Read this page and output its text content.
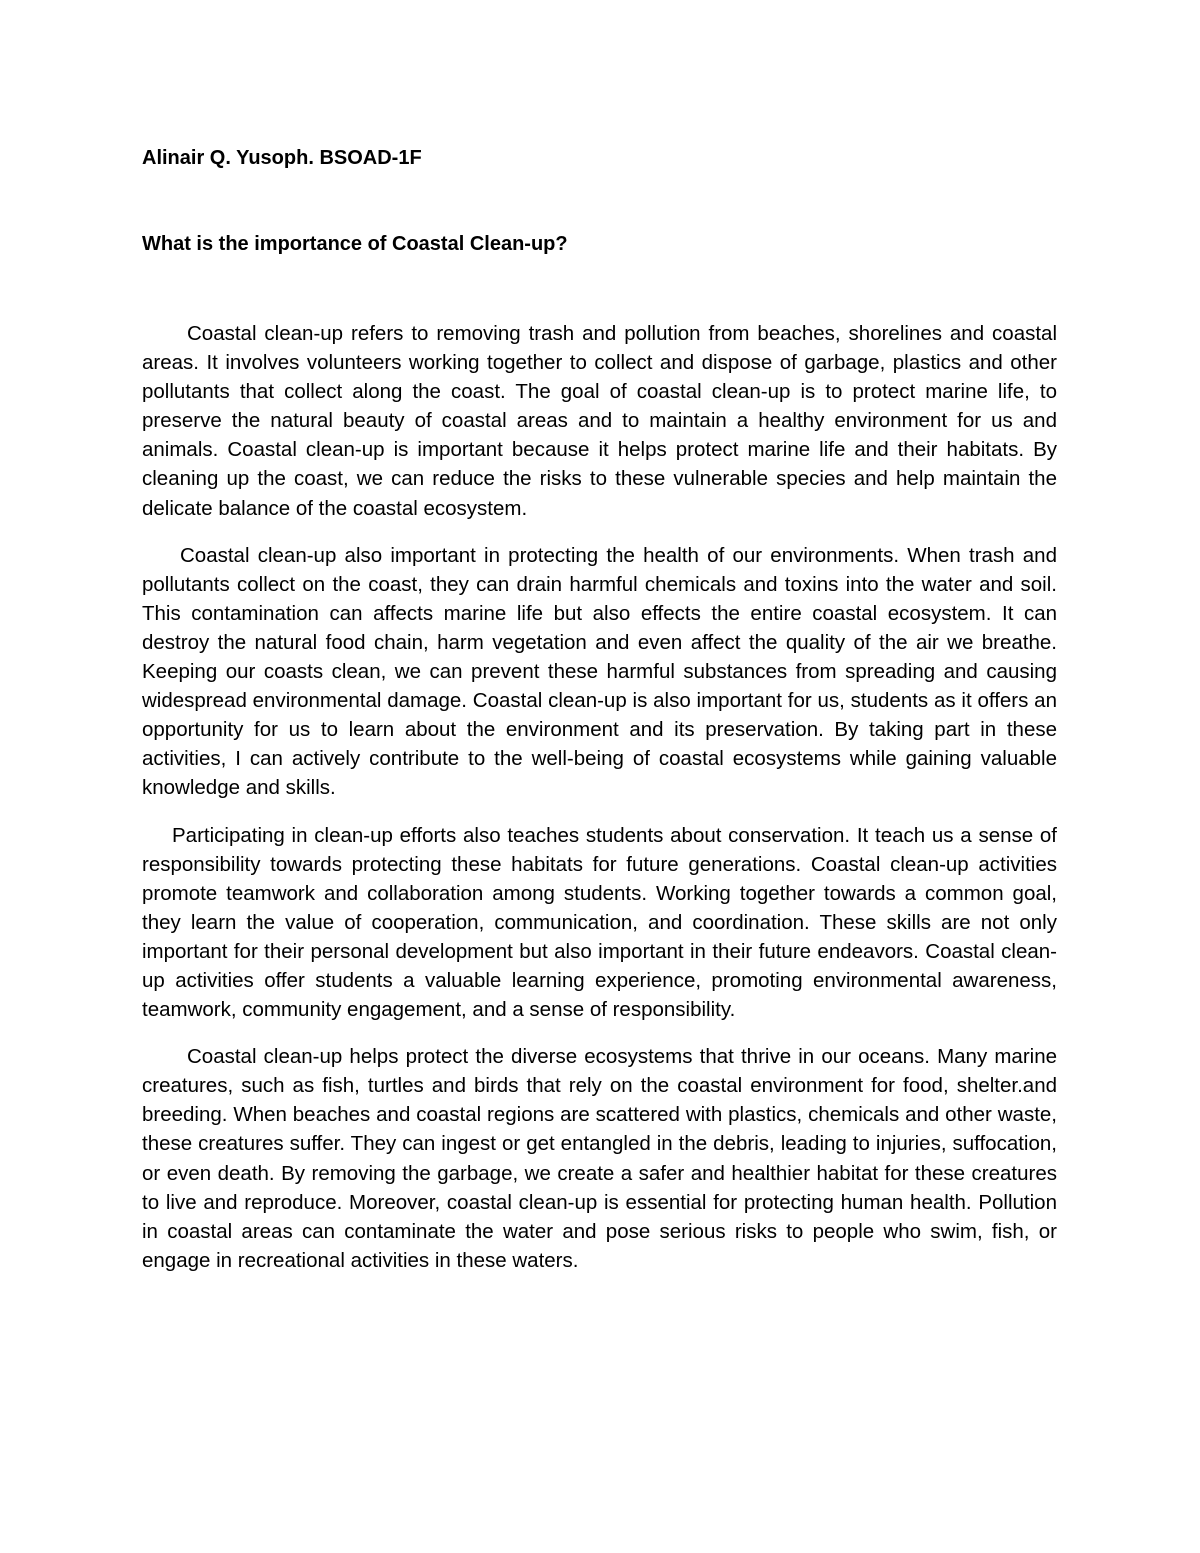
Alinair Q. Yusoph. BSOAD-1F

What is the importance of Coastal Clean-up?

Coastal clean-up refers to removing trash and pollution from beaches, shorelines and coastal areas. It involves volunteers working together to collect and dispose of garbage, plastics and other pollutants that collect along the coast. The goal of coastal clean-up is to protect marine life, to preserve the natural beauty of coastal areas and to maintain a healthy environment for us and animals. Coastal clean-up is important because it helps protect marine life and their habitats. By cleaning up the coast, we can reduce the risks to these vulnerable species and help maintain the delicate balance of the coastal ecosystem.

Coastal clean-up also important in protecting the health of our environments. When trash and pollutants collect on the coast, they can drain harmful chemicals and toxins into the water and soil. This contamination can affects marine life but also effects the entire coastal ecosystem. It can destroy the natural food chain, harm vegetation and even affect the quality of the air we breathe. Keeping our coasts clean, we can prevent these harmful substances from spreading and causing widespread environmental damage. Coastal clean-up is also important for us, students as it offers an opportunity for us to learn about the environment and its preservation. By taking part in these activities, I can actively contribute to the well-being of coastal ecosystems while gaining valuable knowledge and skills.

Participating in clean-up efforts also teaches students about conservation. It teach us a sense of responsibility towards protecting these habitats for future generations. Coastal clean-up activities promote teamwork and collaboration among students. Working together towards a common goal, they learn the value of cooperation, communication, and coordination. These skills are not only important for their personal development but also important in their future endeavors. Coastal clean-up activities offer students a valuable learning experience, promoting environmental awareness, teamwork, community engagement, and a sense of responsibility.

Coastal clean-up helps protect the diverse ecosystems that thrive in our oceans. Many marine creatures, such as fish, turtles and birds that rely on the coastal environment for food, shelter.and breeding. When beaches and coastal regions are scattered with plastics, chemicals and other waste, these creatures suffer. They can ingest or get entangled in the debris, leading to injuries, suffocation, or even death. By removing the garbage, we create a safer and healthier habitat for these creatures to live and reproduce. Moreover, coastal clean-up is essential for protecting human health. Pollution in coastal areas can contaminate the water and pose serious risks to people who swim, fish, or engage in recreational activities in these waters.
